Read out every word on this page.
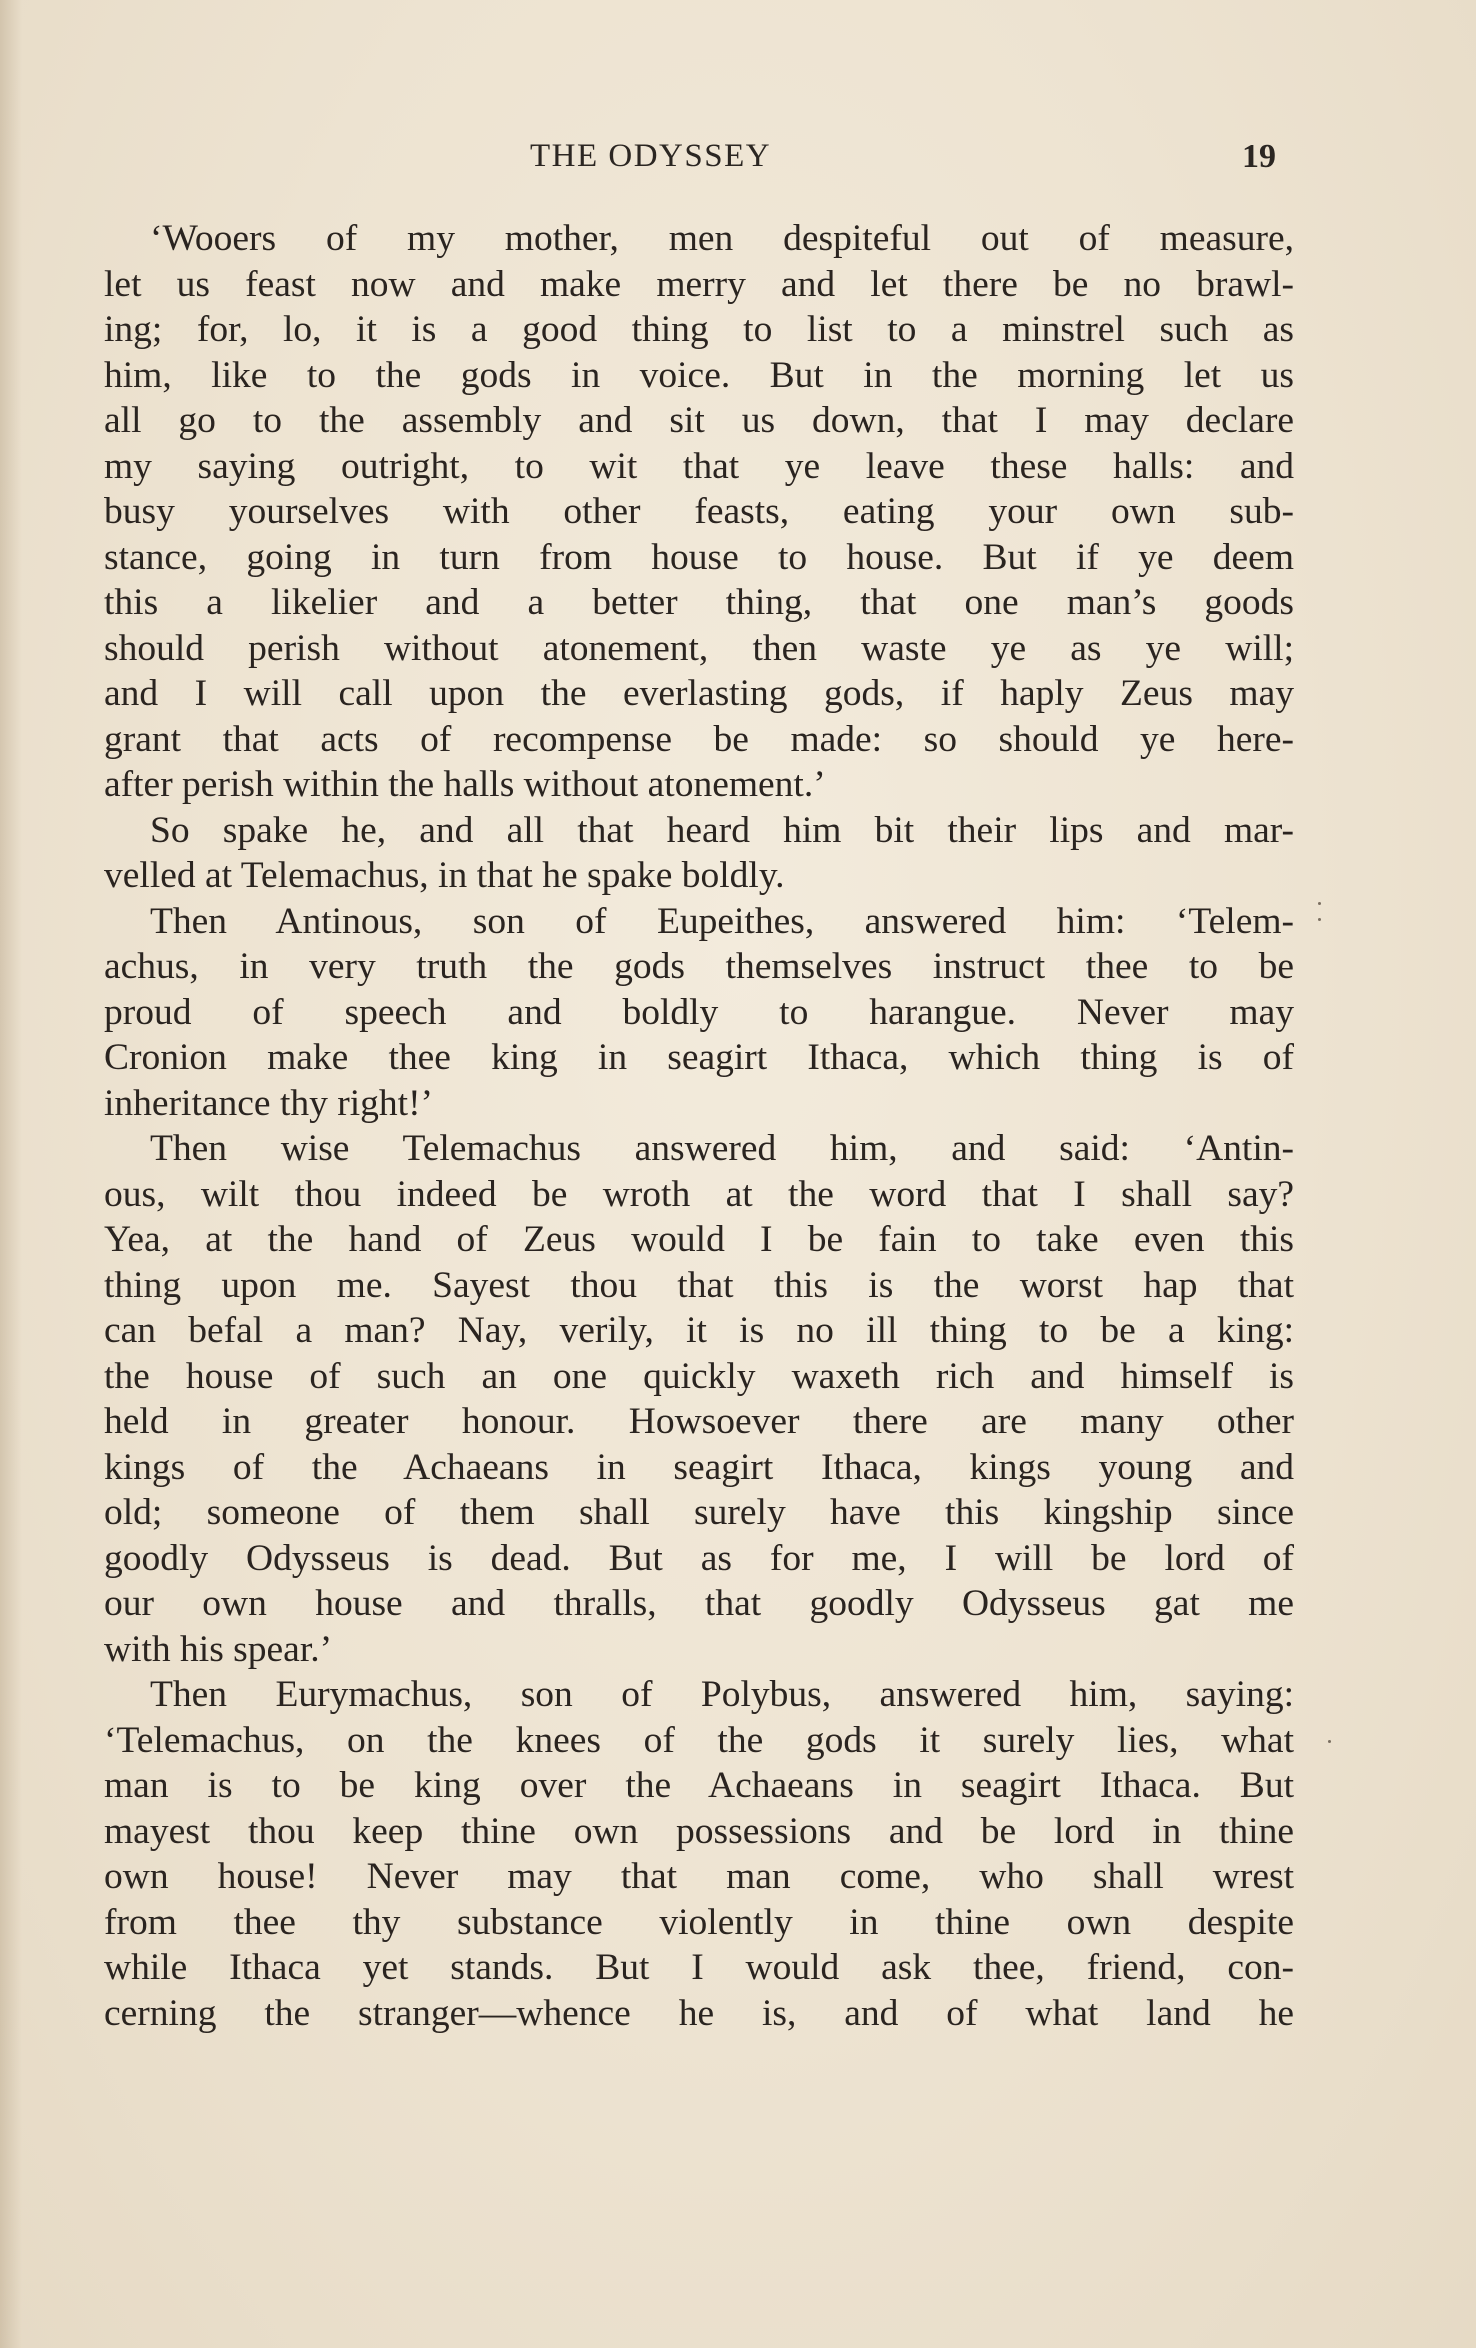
THE ODYSSEY	19
‘Wooers of my mother, men despiteful out of measure,
let us feast now and make merry and let there be no brawl-
ing; for, lo, it is a good thing to list to a minstrel such as
him, like to the gods in voice. But in the morning let us
all go to the assembly and sit us down, that I may declare
my saying outright, to wit that ye leave these halls: and
busy yourselves with other feasts, eating your own sub-
stance, going in turn from house to house. But if ye deem
this a likelier and a better thing, that one man’s goods
should perish without atonement, then waste ye as ye will;
and I will call upon the everlasting gods, if haply Zeus may
grant that acts of recompense be made: so should ye here-
after perish within the halls without atonement.’
So spake he, and all that heard him bit their lips and mar-
velled at Telemachus, in that he spake boldly.
Then Antinous, son of Eupeithes, answered him: ‘Telem-
achus, in very truth the gods themselves instruct thee to be
proud of speech and boldly to harangue. Never may
Cronion make thee king in seagirt Ithaca, which thing is of
inheritance thy right!’
Then wise Telemachus answered him, and said: ‘Antin-
ous, wilt thou indeed be wroth at the word that I shall say?
Yea, at the hand of Zeus would I be fain to take even this
thing upon me. Sayest thou that this is the worst hap that
can befal a man? Nay, verily, it is no ill thing to be a king:
the house of such an one quickly waxeth rich and himself is
held in greater honour. Howsoever there are many other
kings of the Achaeans in seagirt Ithaca, kings young and
old; someone of them shall surely have this kingship since
goodly Odysseus is dead. But as for me, I will be lord of
our own house and thralls, that goodly Odysseus gat me
with his spear.’
Then Eurymachus, son of Polybus, answered him, saying:
‘Telemachus, on the knees of the gods it surely lies, what
man is to be king over the Achaeans in seagirt Ithaca. But
mayest thou keep thine own possessions and be lord in thine
own house! Never may that man come, who shall wrest
from thee thy substance violently in thine own despite
while Ithaca yet stands. But I would ask thee, friend, con-
cerning the stranger—whence he is, and of what land he
